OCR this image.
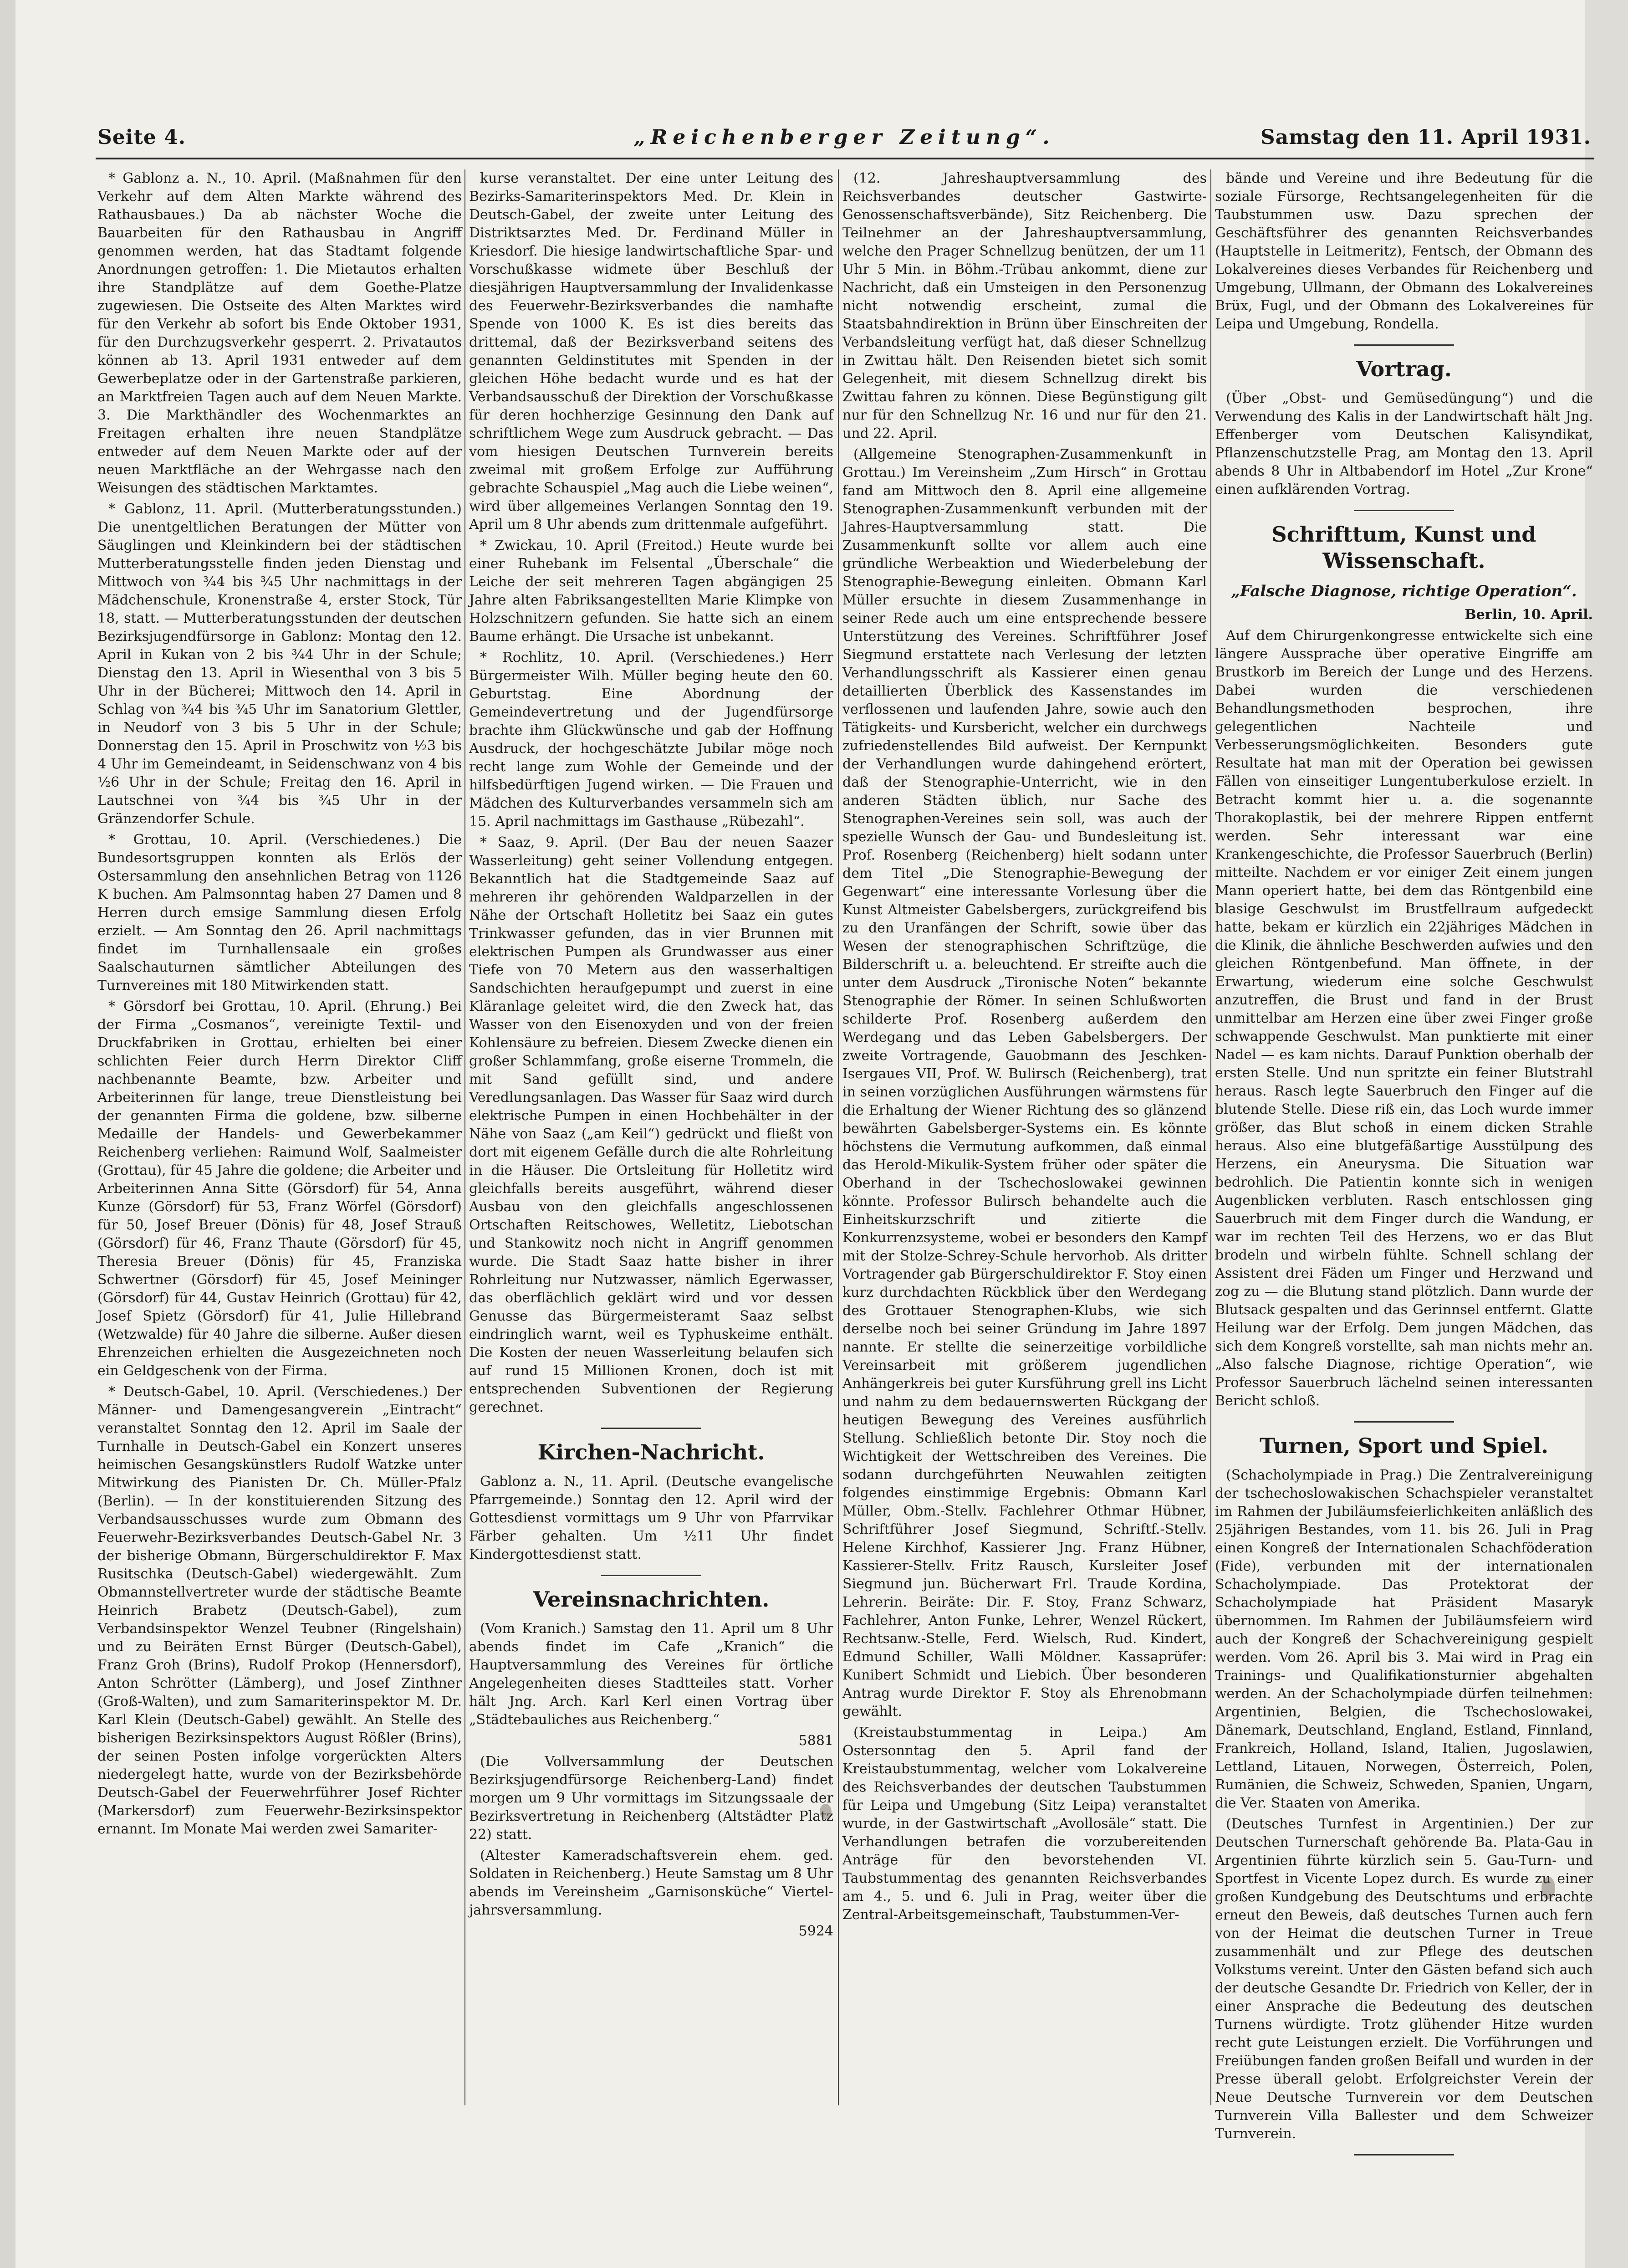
„Reichenberger Zeitung“.
Seite 4.	Samstag den 11. April 1931.

* Gablonz a. N., 10. April. (Maßnahmen für den Verkehr auf dem Alten Markte während des Rathausbaues.) Da ab nächster Woche die Bauarbeiten für den Rathausbau in Angriff genommen werden, hat das Stadtamt folgende Anordnungen getroffen: 1. Die Mietautos erhalten ihre Standplätze auf dem Goethe-Platze zugewiesen. Die Ostseite des Alten Marktes wird für den Verkehr ab sofort bis Ende Oktober 1931, für den Durchzugsverkehr gesperrt. 2. Privatautos können ab 13. April 1931 entweder auf dem Gewerbeplatze oder in der Gartenstraße parkieren, an Marktfreien Tagen auch auf dem Neuen Markte. 3. Die Markthändler des Wochenmarktes an Freitagen erhalten ihre neuen Standplätze entweder auf dem Neuen Markte oder auf der neuen Marktfläche an der Wehrgasse nach den Weisungen des städtischen Marktamtes.

* Gablonz, 11. April. (Mutterberatungsstunden.) Die unentgeltlichen Beratungen der Mütter von Säuglingen und Kleinkindern bei der städtischen Mutterberatungsstelle finden jeden Dienstag und Mittwoch von ¾4 bis ¾5 Uhr nachmittags in der Mädchenschule, Kronenstraße 4, erster Stock, Tür 18, statt. — Mutterberatungsstunden der deutschen Bezirksjugendfürsorge in Gablonz: Montag den 12. April in Kukan von 2 bis ¾4 Uhr in der Schule; Dienstag den 13. April in Wiesenthal von 3 bis 5 Uhr in der Bücherei; Mittwoch den 14. April in Schlag von ¾4 bis ¾5 Uhr im Sanatorium Glettler, in Neudorf von 3 bis 5 Uhr in der Schule; Donnerstag den 15. April in Proschwitz von ½3 bis 4 Uhr im Gemeindeamt, in Seidenschwanz von 4 bis ½6 Uhr in der Schule; Freitag den 16. April in Lautschnei von ¾4 bis ¾5 Uhr in der Gränzendorfer Schule.

* Grottau, 10. April. (Verschiedenes.) Die Bundesortsgruppen konnten als Erlös der Ostersammlung den ansehnlichen Betrag von 1126 K buchen. Am Palmsonntag haben 27 Damen und 8 Herren durch emsige Sammlung diesen Erfolg erzielt. — Am Sonntag den 26. April nachmittags findet im Turnhallensaale ein großes Saalschauturnen sämtlicher Abteilungen des Turnvereines mit 180 Mitwirkenden statt.

* Görsdorf bei Grottau, 10. April. (Ehrung.) Bei der Firma „Cosmanos“, vereinigte Textil- und Druckfabriken in Grottau, erhielten bei einer schlichten Feier durch Herrn Direktor Cliff nachbenannte Beamte, bzw. Arbeiter und Arbeiterinnen für lange, treue Dienstleistung bei der genannten Firma die goldene, bzw. silberne Medaille der Handels- und Gewerbekammer Reichenberg verliehen: Raimund Wolf, Saalmeister (Grottau), für 45 Jahre die goldene; die Arbeiter und Arbeiterinnen Anna Sitte (Görsdorf) für 54, Anna Kunze (Görsdorf) für 53, Franz Wörfel (Görsdorf) für 50, Josef Breuer (Dönis) für 48, Josef Strauß (Görsdorf) für 46, Franz Thaute (Görsdorf) für 45, Theresia Breuer (Dönis) für 45, Franziska Schwertner (Görsdorf) für 45, Josef Meininger (Görsdorf) für 44, Gustav Heinrich (Grottau) für 42, Josef Spietz (Görsdorf) für 41, Julie Hillebrand (Wetzwalde) für 40 Jahre die silberne. Außer diesen Ehrenzeichen erhielten die Ausgezeichneten noch ein Geldgeschenk von der Firma.

* Deutsch-Gabel, 10. April. (Verschiedenes.) Der Männer- und Damengesangverein „Eintracht“ veranstaltet Sonntag den 12. April im Saale der Turnhalle in Deutsch-Gabel ein Konzert unseres heimischen Gesangskünstlers Rudolf Watzke unter Mitwirkung des Pianisten Dr. Ch. Müller-Pfalz (Berlin). — In der konstituierenden Sitzung des Verbandsausschusses wurde zum Obmann des Feuerwehr-Bezirksverbandes Deutsch-Gabel Nr. 3 der bisherige Obmann, Bürgerschuldirektor F. Max Rusitschka (Deutsch-Gabel) wiedergewählt. Zum Obmannstellvertreter wurde der städtische Beamte Heinrich Brabetz (Deutsch-Gabel), zum Verbandsinspektor Wenzel Teubner (Ringelshain) und zu Beiräten Ernst Bürger (Deutsch-Gabel), Franz Groh (Brins), Rudolf Prokop (Hennersdorf), Anton Schrötter (Lämberg), und Josef Zinthner (Groß-Walten), und zum Samariterinspektor M. Dr. Karl Klein (Deutsch-Gabel) gewählt. An Stelle des bisherigen Bezirksinspektors August Rößler (Brins), der seinen Posten infolge vorgerückten Alters niedergelegt hatte, wurde von der Bezirksbehörde Deutsch-Gabel der Feuerwehrführer Josef Richter (Markersdorf) zum Feuerwehr-Bezirksinspektor ernannt. Im Monate Mai werden zwei Samariter-

kurse veranstaltet. Der eine unter Leitung des Bezirks-Samariterinspektors Med. Dr. Klein in Deutsch-Gabel, der zweite unter Leitung des Distriktsarztes Med. Dr. Ferdinand Müller in Kriesdorf. Die hiesige landwirtschaftliche Spar- und Vorschußkasse widmete über Beschluß der diesjährigen Hauptversammlung der Invalidenkasse des Feuerwehr-Bezirksverbandes die namhafte Spende von 1000 K. Es ist dies bereits das drittemal, daß der Bezirksverband seitens des genannten Geldinstitutes mit Spenden in der gleichen Höhe bedacht wurde und es hat der Verbandsausschuß der Direktion der Vorschußkasse für deren hochherzige Gesinnung den Dank auf schriftlichem Wege zum Ausdruck gebracht. — Das vom hiesigen Deutschen Turnverein bereits zweimal mit großem Erfolge zur Aufführung gebrachte Schauspiel „Mag auch die Liebe weinen“, wird über allgemeines Verlangen Sonntag den 19. April um 8 Uhr abends zum drittenmale aufgeführt.

* Zwickau, 10. April (Freitod.) Heute wurde bei einer Ruhebank im Felsental „Überschale“ die Leiche der seit mehreren Tagen abgängigen 25 Jahre alten Fabriksangestellten Marie Klimpke von Holzschnitzern gefunden. Sie hatte sich an einem Baume erhängt. Die Ursache ist unbekannt.

* Rochlitz, 10. April. (Verschiedenes.) Herr Bürgermeister Wilh. Müller beging heute den 60. Geburtstag. Eine Abordnung der Gemeindevertretung und der Jugendfürsorge brachte ihm Glückwünsche und gab der Hoffnung Ausdruck, der hochgeschätzte Jubilar möge noch recht lange zum Wohle der Gemeinde und der hilfsbedürftigen Jugend wirken. — Die Frauen und Mädchen des Kulturverbandes versammeln sich am 15. April nachmittags im Gasthause „Rübezahl“.

* Saaz, 9. April. (Der Bau der neuen Saazer Wasserleitung) geht seiner Vollendung entgegen. Bekanntlich hat die Stadtgemeinde Saaz auf mehreren ihr gehörenden Waldparzellen in der Nähe der Ortschaft Holletitz bei Saaz ein gutes Trinkwasser gefunden, das in vier Brunnen mit elektrischen Pumpen als Grundwasser aus einer Tiefe von 70 Metern aus den wasserhaltigen Sandschichten heraufgepumpt und zuerst in eine Kläranlage geleitet wird, die den Zweck hat, das Wasser von den Eisenoxyden und von der freien Kohlensäure zu befreien. Diesem Zwecke dienen ein großer Schlammfang, große eiserne Trommeln, die mit Sand gefüllt sind, und andere Veredlungsanlagen. Das Wasser für Saaz wird durch elektrische Pumpen in einen Hochbehälter in der Nähe von Saaz („am Keil“) gedrückt und fließt von dort mit eigenem Gefälle durch die alte Rohrleitung in die Häuser. Die Ortsleitung für Holletitz wird gleichfalls bereits ausgeführt, während dieser Ausbau von den gleichfalls angeschlossenen Ortschaften Reitschowes, Welletitz, Liebotschan und Stankowitz noch nicht in Angriff genommen wurde. Die Stadt Saaz hatte bisher in ihrer Rohrleitung nur Nutzwasser, nämlich Egerwasser, das oberflächlich geklärt wird und vor dessen Genusse das Bürgermeisteramt Saaz selbst eindringlich warnt, weil es Typhuskeime enthält. Die Kosten der neuen Wasserleitung belaufen sich auf rund 15 Millionen Kronen, doch ist mit entsprechenden Subventionen der Regierung gerechnet.

Kirchen-Nachricht.

Gablonz a. N., 11. April. (Deutsche evangelische Pfarrgemeinde.) Sonntag den 12. April wird der Gottesdienst vormittags um 9 Uhr von Pfarrvikar Färber gehalten. Um ½11 Uhr findet Kindergottesdienst statt.

Vereinsnachrichten.

(Vom Kranich.) Samstag den 11. April um 8 Uhr abends findet im Cafe „Kranich“ die Hauptversammlung des Vereines für örtliche Angelegenheiten dieses Stadtteiles statt. Vorher hält Jng. Arch. Karl Kerl einen Vortrag über „Städtebauliches aus Reichenberg.“

5881

(Die Vollversammlung der Deutschen Bezirksjugendfürsorge Reichenberg-Land) findet morgen um 9 Uhr vormittags im Sitzungssaale der Bezirksvertretung in Reichenberg (Altstädter Platz 22) statt.

(Altester Kameradschaftsverein ehem. ged. Soldaten in Reichenberg.) Heute Samstag um 8 Uhr abends im Vereinsheim „Garnisonsküche“ Vierteljahrsversammlung.

5924

(12. Jahreshauptversammlung des Reichsverbandes deutscher Gastwirte-Genossenschaftsverbände), Sitz Reichenberg. Die Teilnehmer an der Jahreshauptversammlung, welche den Prager Schnellzug benützen, der um 11 Uhr 5 Min. in Böhm.-Trübau ankommt, diene zur Nachricht, daß ein Umsteigen in den Personenzug nicht notwendig erscheint, zumal die Staatsbahndirektion in Brünn über Einschreiten der Verbandsleitung verfügt hat, daß dieser Schnellzug in Zwittau hält. Den Reisenden bietet sich somit Gelegenheit, mit diesem Schnellzug direkt bis Zwittau fahren zu können. Diese Begünstigung gilt nur für den Schnellzug Nr. 16 und nur für den 21. und 22. April.

(Allgemeine Stenographen-Zusammenkunft in Grottau.) Im Vereinsheim „Zum Hirsch“ in Grottau fand am Mittwoch den 8. April eine allgemeine Stenographen-Zusammenkunft verbunden mit der Jahres-Hauptversammlung statt. Die Zusammenkunft sollte vor allem auch eine gründliche Werbeaktion und Wiederbelebung der Stenographie-Bewegung einleiten. Obmann Karl Müller ersuchte in diesem Zusammenhange in seiner Rede auch um eine entsprechende bessere Unterstützung des Vereines. Schriftführer Josef Siegmund erstattete nach Verlesung der letzten Verhandlungsschrift als Kassierer einen genau detaillierten Überblick des Kassenstandes im verflossenen und laufenden Jahre, sowie auch den Tätigkeits- und Kursbericht, welcher ein durchwegs zufriedenstellendes Bild aufweist. Der Kernpunkt der Verhandlungen wurde dahingehend erörtert, daß der Stenographie-Unterricht, wie in den anderen Städten üblich, nur Sache des Stenographen-Vereines sein soll, was auch der spezielle Wunsch der Gau- und Bundesleitung ist. Prof. Rosenberg (Reichenberg) hielt sodann unter dem Titel „Die Stenographie-Bewegung der Gegenwart“ eine interessante Vorlesung über die Kunst Altmeister Gabelsbergers, zurückgreifend bis zu den Uranfängen der Schrift, sowie über das Wesen der stenographischen Schriftzüge, die Bilderschrift u. a. beleuchtend. Er streifte auch die unter dem Ausdruck „Tironische Noten“ bekannte Stenographie der Römer. In seinen Schlußworten schilderte Prof. Rosenberg außerdem den Werdegang und das Leben Gabelsbergers. Der zweite Vortragende, Gauobmann des Jeschken-Isergaues VII, Prof. W. Bulirsch (Reichenberg), trat in seinen vorzüglichen Ausführungen wärmstens für die Erhaltung der Wiener Richtung des so glänzend bewährten Gabelsberger-Systems ein. Es könnte höchstens die Vermutung aufkommen, daß einmal das Herold-Mikulik-System früher oder später die Oberhand in der Tschechoslowakei gewinnen könnte. Professor Bulirsch behandelte auch die Einheitskurzschrift und zitierte die Konkurrenzsysteme, wobei er besonders den Kampf mit der Stolze-Schrey-Schule hervorhob. Als dritter Vortragender gab Bürgerschuldirektor F. Stoy einen kurz durchdachten Rückblick über den Werdegang des Grottauer Stenographen-Klubs, wie sich derselbe noch bei seiner Gründung im Jahre 1897 nannte. Er stellte die seinerzeitige vorbildliche Vereinsarbeit mit größerem jugendlichen Anhängerkreis bei guter Kursführung grell ins Licht und nahm zu dem bedauernswerten Rückgang der heutigen Bewegung des Vereines ausführlich Stellung. Schließlich betonte Dir. Stoy noch die Wichtigkeit der Wettschreiben des Vereines. Die sodann durchgeführten Neuwahlen zeitigten folgendes einstimmige Ergebnis: Obmann Karl Müller, Obm.-Stellv. Fachlehrer Othmar Hübner, Schriftführer Josef Siegmund, Schriftf.-Stellv. Helene Kirchhof, Kassierer Jng. Franz Hübner, Kassierer-Stellv. Fritz Rausch, Kursleiter Josef Siegmund jun. Bücherwart Frl. Traude Kordina, Lehrerin. Beiräte: Dir. F. Stoy, Franz Schwarz, Fachlehrer, Anton Funke, Lehrer, Wenzel Rückert, Rechtsanw.-Stelle, Ferd. Wielsch, Rud. Kindert, Edmund Schiller, Walli Möldner. Kassaprüfer: Kunibert Schmidt und Liebich. Über besonderen Antrag wurde Direktor F. Stoy als Ehrenobmann gewählt.

(Kreistaubstummentag in Leipa.) Am Ostersonntag den 5. April fand der Kreistaubstummentag, welcher vom Lokalvereine des Reichsverbandes der deutschen Taubstummen für Leipa und Umgebung (Sitz Leipa) veranstaltet wurde, in der Gastwirtschaft „Avollosäle“ statt. Die Verhandlungen betrafen die vorzubereitenden Anträge für den bevorstehenden VI. Taubstummentag des genannten Reichsverbandes am 4., 5. und 6. Juli in Prag, weiter über die Zentral-Arbeitsgemeinschaft, Taubstummen-Ver-

bände und Vereine und ihre Bedeutung für die soziale Fürsorge, Rechtsangelegenheiten für die Taubstummen usw. Dazu sprechen der Geschäftsführer des genannten Reichsverbandes (Hauptstelle in Leitmeritz), Fentsch, der Obmann des Lokalvereines dieses Verbandes für Reichenberg und Umgebung, Ullmann, der Obmann des Lokalvereines Brüx, Fugl, und der Obmann des Lokalvereines für Leipa und Umgebung, Rondella.

Vortrag.

(Über „Obst- und Gemüsedüngung“) und die Verwendung des Kalis in der Landwirtschaft hält Jng. Effenberger vom Deutschen Kalisyndikat, Pflanzenschutzstelle Prag, am Montag den 13. April abends 8 Uhr in Altbabendorf im Hotel „Zur Krone“ einen aufklärenden Vortrag.

Schrifttum, Kunst und Wissenschaft.

„Falsche Diagnose, richtige Operation“.

Berlin, 10. April.

Auf dem Chirurgenkongresse entwickelte sich eine längere Aussprache über operative Eingriffe am Brustkorb im Bereich der Lunge und des Herzens. Dabei wurden die verschiedenen Behandlungsmethoden besprochen, ihre gelegentlichen Nachteile und Verbesserungsmöglichkeiten. Besonders gute Resultate hat man mit der Operation bei gewissen Fällen von einseitiger Lungentuberkulose erzielt. In Betracht kommt hier u. a. die sogenannte Thorakoplastik, bei der mehrere Rippen entfernt werden. Sehr interessant war eine Krankengeschichte, die Professor Sauerbruch (Berlin) mitteilte. Nachdem er vor einiger Zeit einem jungen Mann operiert hatte, bei dem das Röntgenbild eine blasige Geschwulst im Brustfellraum aufgedeckt hatte, bekam er kürzlich ein 22jähriges Mädchen in die Klinik, die ähnliche Beschwerden aufwies und den gleichen Röntgenbefund. Man öffnete, in der Erwartung, wiederum eine solche Geschwulst anzutreffen, die Brust und fand in der Brust unmittelbar am Herzen eine über zwei Finger große schwappende Geschwulst. Man punktierte mit einer Nadel — es kam nichts. Darauf Punktion oberhalb der ersten Stelle. Und nun spritzte ein feiner Blutstrahl heraus. Rasch legte Sauerbruch den Finger auf die blutende Stelle. Diese riß ein, das Loch wurde immer größer, das Blut schoß in einem dicken Strahle heraus. Also eine blutgefäßartige Ausstülpung des Herzens, ein Aneurysma. Die Situation war bedrohlich. Die Patientin konnte sich in wenigen Augenblicken verbluten. Rasch entschlossen ging Sauerbruch mit dem Finger durch die Wandung, er war im rechten Teil des Herzens, wo er das Blut brodeln und wirbeln fühlte. Schnell schlang der Assistent drei Fäden um Finger und Herzwand und zog zu — die Blutung stand plötzlich. Dann wurde der Blutsack gespalten und das Gerinnsel entfernt. Glatte Heilung war der Erfolg. Dem jungen Mädchen, das sich dem Kongreß vorstellte, sah man nichts mehr an. „Also falsche Diagnose, richtige Operation“, wie Professor Sauerbruch lächelnd seinen interessanten Bericht schloß.

Turnen, Sport und Spiel.

(Schacholympiade in Prag.) Die Zentralvereinigung der tschechoslowakischen Schachspieler veranstaltet im Rahmen der Jubiläumsfeierlichkeiten anläßlich des 25jährigen Bestandes, vom 11. bis 26. Juli in Prag einen Kongreß der Internationalen Schachföderation (Fide), verbunden mit der internationalen Schacholympiade. Das Protektorat der Schacholympiade hat Präsident Masaryk übernommen. Im Rahmen der Jubiläumsfeiern wird auch der Kongreß der Schachvereinigung gespielt werden. Vom 26. April bis 3. Mai wird in Prag ein Trainings- und Qualifikationsturnier abgehalten werden. An der Schacholympiade dürfen teilnehmen: Argentinien, Belgien, die Tschechoslowakei, Dänemark, Deutschland, England, Estland, Finnland, Frankreich, Holland, Island, Italien, Jugoslawien, Lettland, Litauen, Norwegen, Österreich, Polen, Rumänien, die Schweiz, Schweden, Spanien, Ungarn, die Ver. Staaten von Amerika.

(Deutsches Turnfest in Argentinien.) Der zur Deutschen Turnerschaft gehörende Ba. Plata-Gau in Argentinien führte kürzlich sein 5. Gau-Turn- und Sportfest in Vicente Lopez durch. Es wurde zu einer großen Kundgebung des Deutschtums und erbrachte erneut den Beweis, daß deutsches Turnen auch fern von der Heimat die deutschen Turner in Treue zusammenhält und zur Pflege des deutschen Volkstums vereint. Unter den Gästen befand sich auch der deutsche Gesandte Dr. Friedrich von Keller, der in einer Ansprache die Bedeutung des deutschen Turnens würdigte. Trotz glühender Hitze wurden recht gute Leistungen erzielt. Die Vorführungen und Freiübungen fanden großen Beifall und wurden in der Presse überall gelobt. Erfolgreichster Verein der Neue Deutsche Turnverein vor dem Deutschen Turnverein Villa Ballester und dem Schweizer Turnverein.
